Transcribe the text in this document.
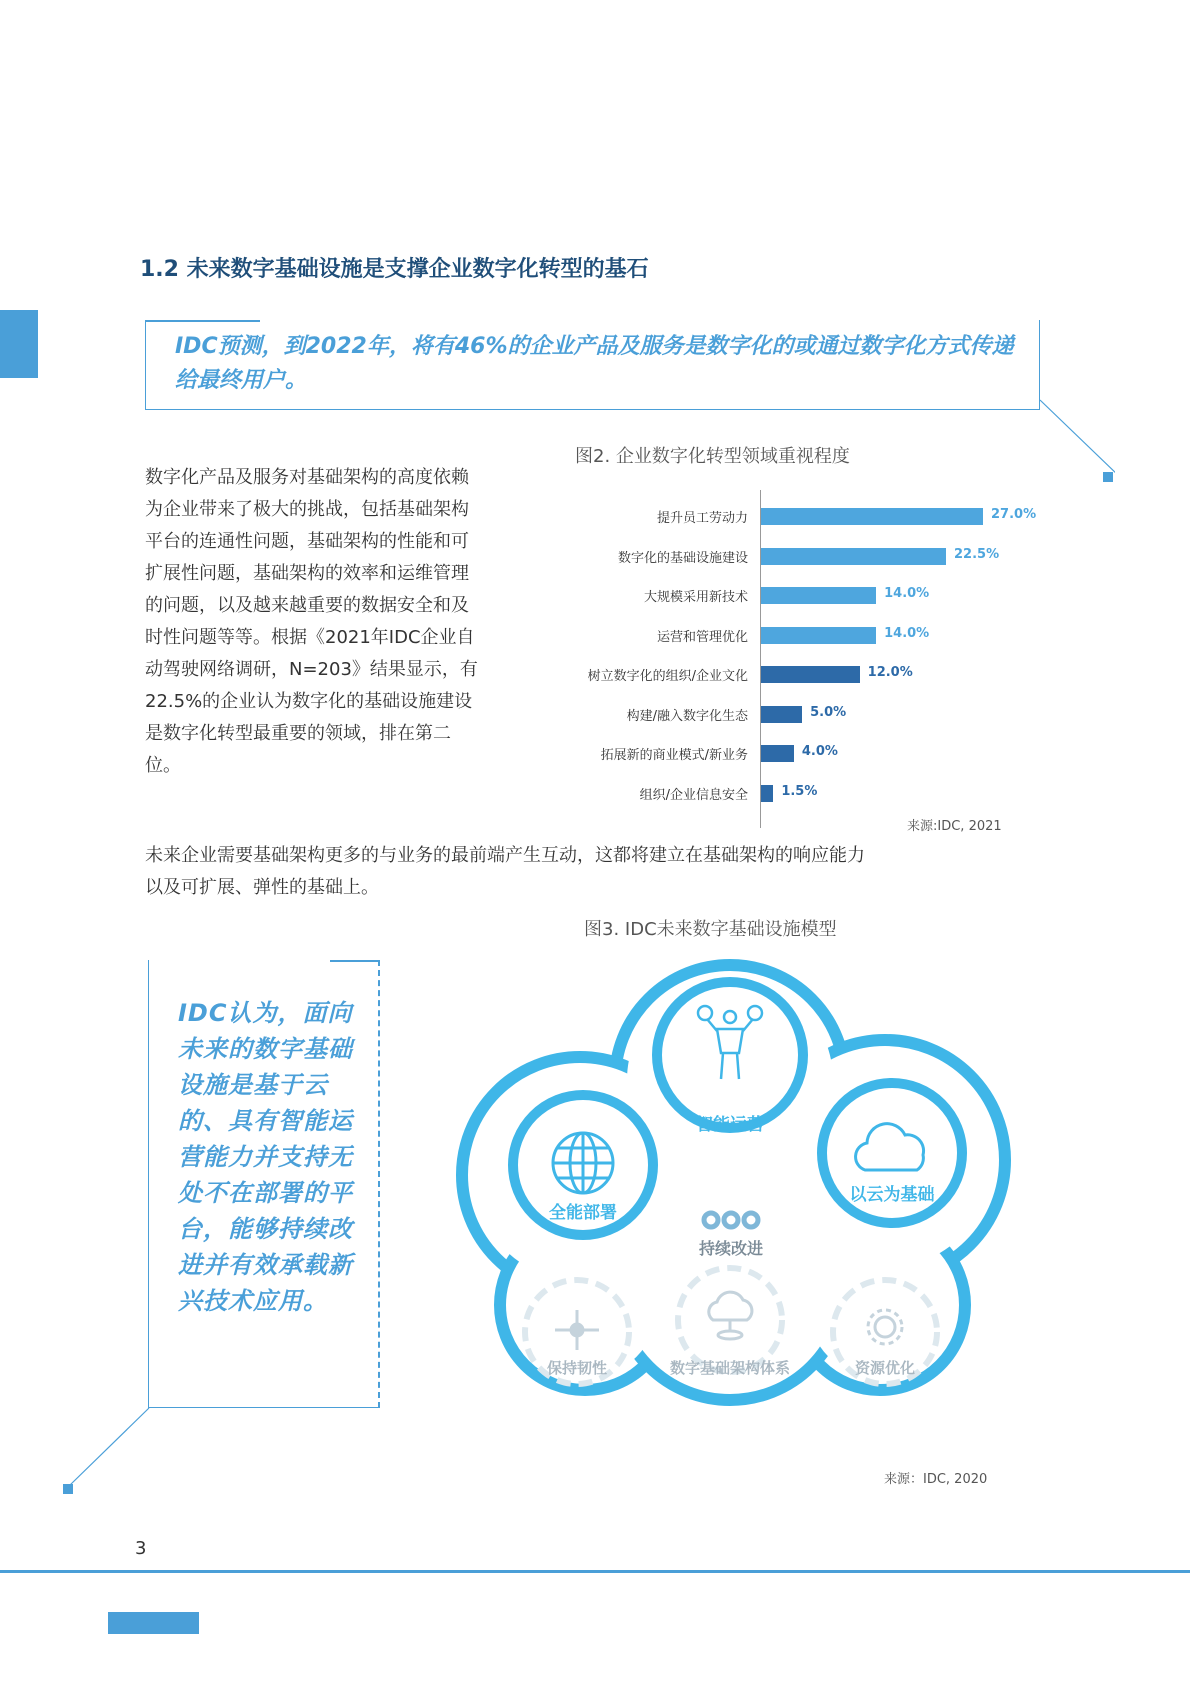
1.2 未来数字基础设施是支撑企业数字化转型的基石
IDC预测，到2022年，将有46%的企业产品及服务是数字化的或通过数字化方式传递给最终用户。
数字化产品及服务对基础架构的高度依赖
为企业带来了极大的挑战，包括基础架构
平台的连通性问题，基础架构的性能和可
扩展性问题，基础架构的效率和运维管理
的问题，以及越来越重要的数据安全和及
时性问题等等。根据《2021年IDC企业自
动驾驶网络调研，N=203》结果显示，有
22.5%的企业认为数字化的基础设施建设
是数字化转型最重要的领域，排在第二
位。
图2. 企业数字化转型领域重视程度
提升员工劳动力	27.0%
数字化的基础设施建设	22.5%
大规模采用新技术	14.0%
运营和管理优化	14.0%
树立数字化的组织/企业文化	12.0%
构建/融入数字化生态	5.0%
拓展新的商业模式/新业务	4.0%
组织/企业信息安全	1.5%
来源:IDC, 2021
未来企业需要基础架构更多的与业务的最前端产生互动，这都将建立在基础架构的响应能力
以及可扩展、弹性的基础上。
图3. IDC未来数字基础设施模型
IDC认为，面向
未来的数字基础
设施是基于云
的、具有智能运
营能力并支持无
处不在部署的平
台，能够持续改
进并有效承载新
兴技术应用。
智能运营
全能部署
以云为基础
持续改进
保持韧性	数字基础架构体系	资源优化
来源：IDC, 2020
3
